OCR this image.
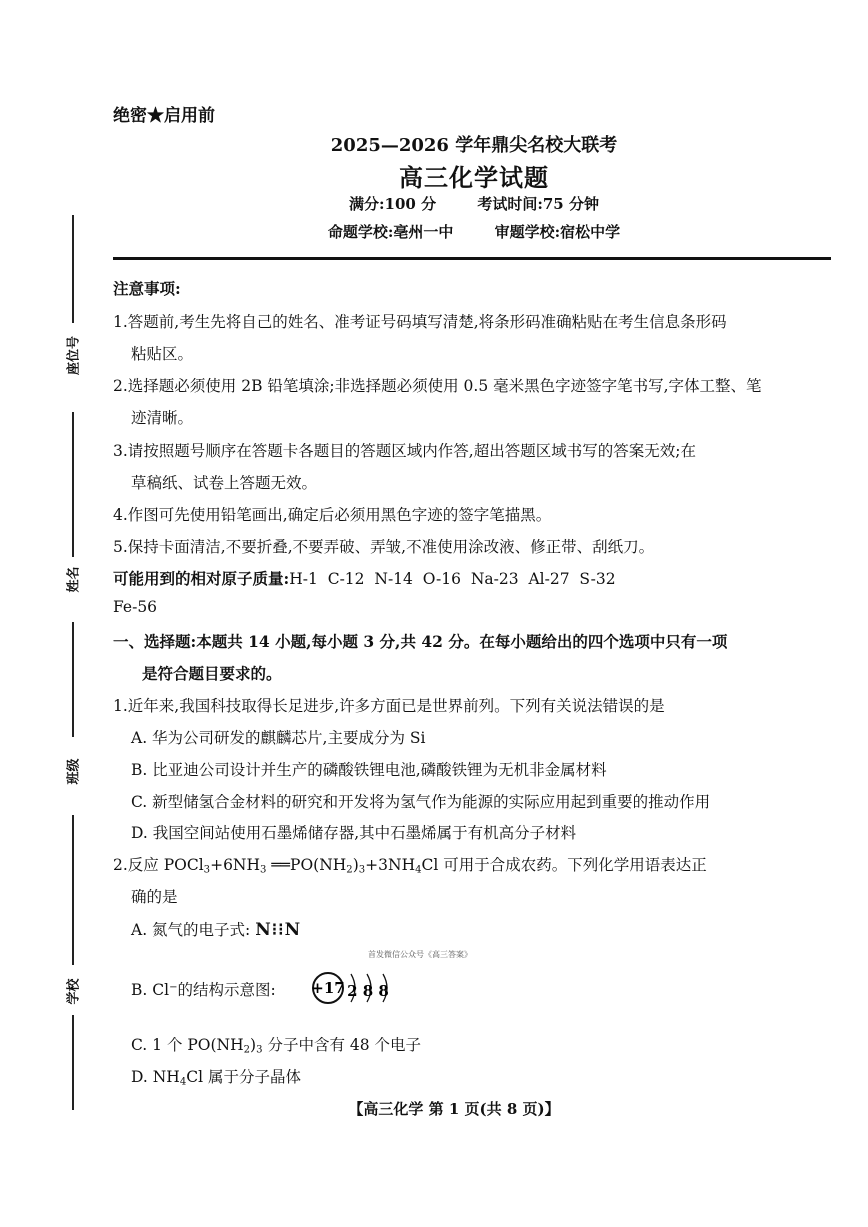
座位号
姓名
班级
学校
绝密★启用前
2025—2026 学年鼎尖名校大联考
高三化学试题
满分:100 分	考试时间:75 分钟
命题学校:亳州一中	审题学校:宿松中学
注意事项:
1.答题前,考生先将自己的姓名、准考证号码填写清楚,将条形码准确粘贴在考生信息条形码
粘贴区。
2.选择题必须使用 2B 铅笔填涂;非选择题必须使用 0.5 毫米黑色字迹签字笔书写,字体工整、笔
迹清晰。
3.请按照题号顺序在答题卡各题目的答题区域内作答,超出答题区域书写的答案无效;在
草稿纸、试卷上答题无效。
4.作图可先使用铅笔画出,确定后必须用黑色字迹的签字笔描黑。
5.保持卡面清洁,不要折叠,不要弄破、弄皱,不准使用涂改液、修正带、刮纸刀。
可能用到的相对原子质量:H-1  C-12  N-14  O-16  Na-23  Al-27  S-32
Fe-56
一、选择题:本题共 14 小题,每小题 3 分,共 42 分。在每小题给出的四个选项中只有一项
是符合题目要求的。
1.近年来,我国科技取得长足进步,许多方面已是世界前列。下列有关说法错误的是
A. 华为公司研发的麒麟芯片,主要成分为 Si
B. 比亚迪公司设计并生产的磷酸铁锂电池,磷酸铁锂为无机非金属材料
C. 新型储氢合金材料的研究和开发将为氢气作为能源的实际应用起到重要的推动作用
D. 我国空间站使用石墨烯储存器,其中石墨烯属于有机高分子材料
2.反应 $POCl_3+6NH_3$ $══PO(NH_2)_3+3NH_4Cl$ 可用于合成农药。下列化学用语表达正
确的是
A. 氮气的电子式: N⁝⁝N
首发微信公众号《高三答案》
B. Cl−的结构示意图: +17 2 8 8
C. 1 个 $PO(NH_2)_3$ 分子中含有 48 个电子
D. $NH_4Cl$ 属于分子晶体
【高三化学 第 1 页(共 8 页)】
